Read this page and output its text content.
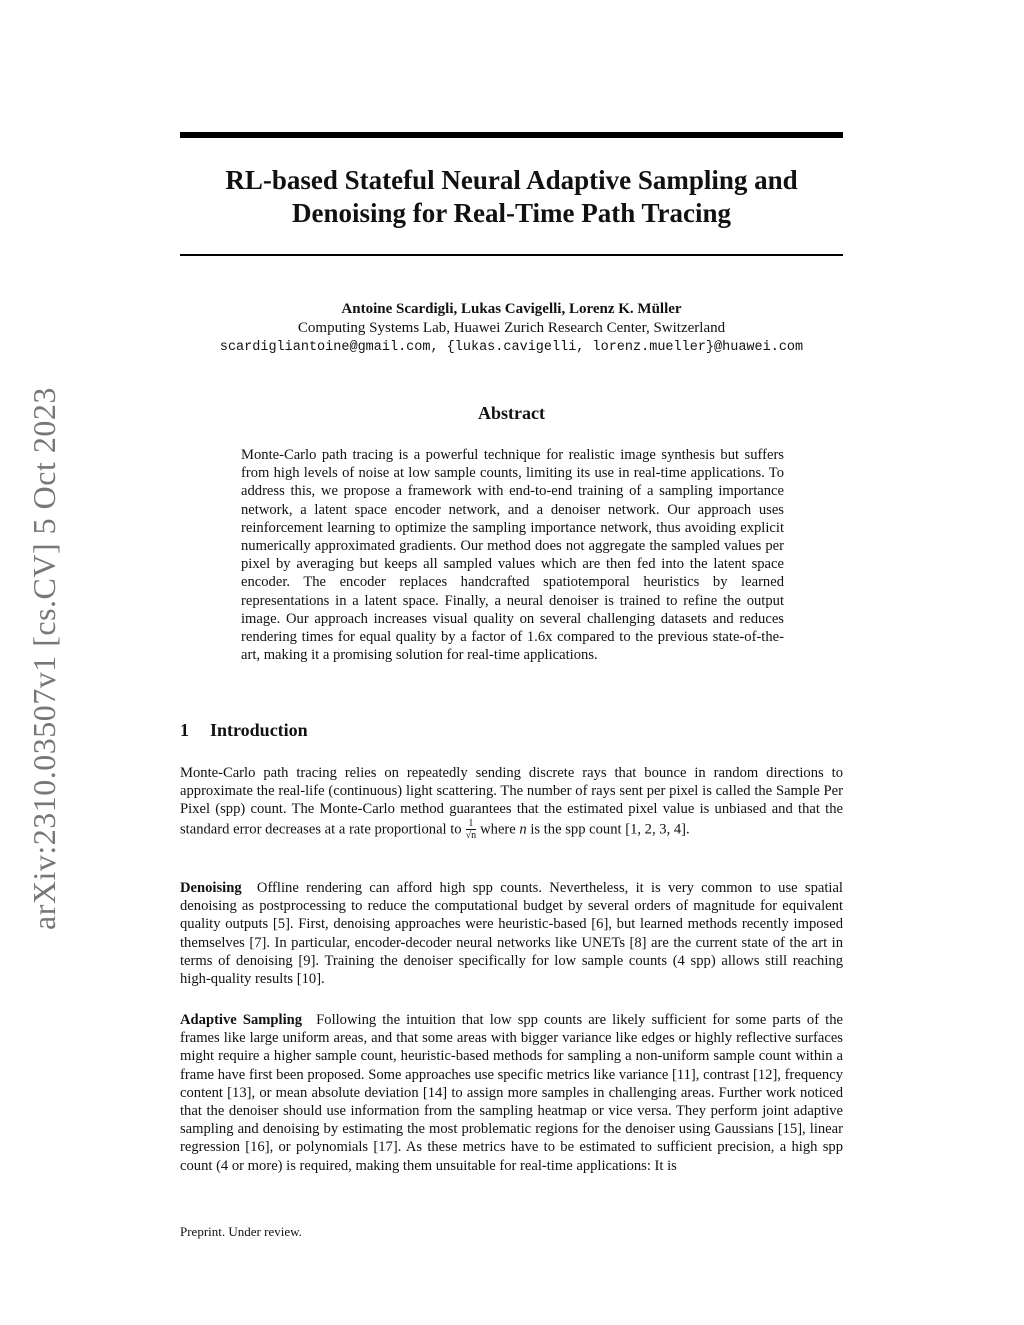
arXiv:2310.03507v1 [cs.CV] 5 Oct 2023
RL-based Stateful Neural Adaptive Sampling and
Denoising for Real-Time Path Tracing
Antoine Scardigli, Lukas Cavigelli, Lorenz K. Müller
Computing Systems Lab, Huawei Zurich Research Center, Switzerland
scardigliantoine@gmail.com, {lukas.cavigelli, lorenz.mueller}@huawei.com
Abstract

Monte-Carlo path tracing is a powerful technique for realistic image synthesis but suffers from high levels of noise at low sample counts, limiting its use in real-time applications. To address this, we propose a framework with end-to-end training of a sampling importance network, a latent space encoder network, and a denoiser network. Our approach uses reinforcement learning to optimize the sampling importance network, thus avoiding explicit numerically approximated gradients. Our method does not aggregate the sampled values per pixel by averaging but keeps all sampled values which are then fed into the latent space encoder. The encoder replaces handcrafted spatiotemporal heuristics by learned representations in a latent space. Finally, a neural denoiser is trained to refine the output image. Our approach increases visual quality on several challenging datasets and reduces rendering times for equal quality by a factor of 1.6x compared to the previous state-of-the-art, making it a promising solution for real-time applications.

1 Introduction

Monte-Carlo path tracing relies on repeatedly sending discrete rays that bounce in random directions to approximate the real-life (continuous) light scattering. The number of rays sent per pixel is called the Sample Per Pixel (spp) count. The Monte-Carlo method guarantees that the estimated pixel value is unbiased and that the standard error decreases at a rate proportional to $\frac{1}{√n}$ where n is the spp count [1, 2, 3, 4].

Denoising Offline rendering can afford high spp counts. Nevertheless, it is very common to use spatial denoising as postprocessing to reduce the computational budget by several orders of magnitude for equivalent quality outputs [5]. First, denoising approaches were heuristic-based [6], but learned methods recently imposed themselves [7]. In particular, encoder-decoder neural networks like UNETs [8] are the current state of the art in terms of denoising [9]. Training the denoiser specifically for low sample counts (4 spp) allows still reaching high-quality results [10].

Adaptive Sampling Following the intuition that low spp counts are likely sufficient for some parts of the frames like large uniform areas, and that some areas with bigger variance like edges or highly reflective surfaces might require a higher sample count, heuristic-based methods for sampling a non-uniform sample count within a frame have first been proposed. Some approaches use specific metrics like variance [11], contrast [12], frequency content [13], or mean absolute deviation [14] to assign more samples in challenging areas. Further work noticed that the denoiser should use information from the sampling heatmap or vice versa. They perform joint adaptive sampling and denoising by estimating the most problematic regions for the denoiser using Gaussians [15], linear regression [16], or polynomials [17]. As these metrics have to be estimated to sufficient precision, a high spp count (4 or more) is required, making them unsuitable for real-time applications: It is

Preprint. Under review.
